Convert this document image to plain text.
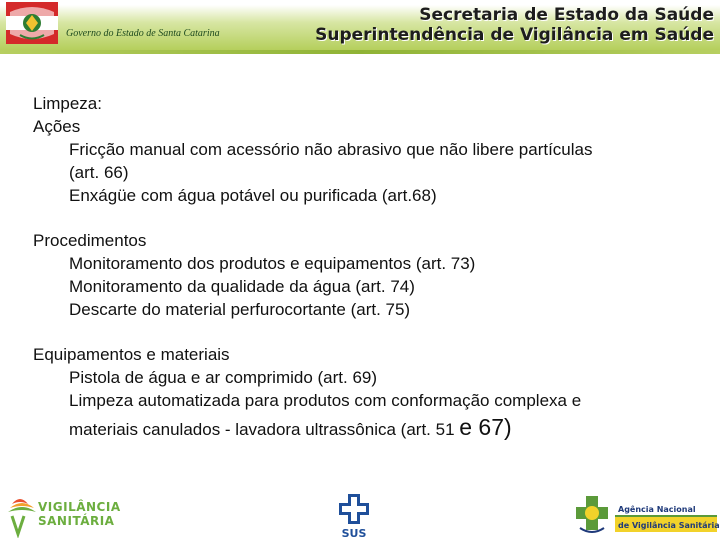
Governo do Estado de Santa Catarina
Secretaria de Estado da Saúde
Superintendência de Vigilância em Saúde
Limpeza:
Ações
Fricção manual com acessório não abrasivo que não libere partículas
(art. 66)
Enxágüe com água potável ou purificada (art.68)
Procedimentos
Monitoramento dos produtos e equipamentos (art. 73)
Monitoramento da qualidade da água (art. 74)
Descarte do material perfurocortante (art. 75)
Equipamentos e materiais
Pistola de água e ar comprimido (art. 69)
Limpeza automatizada para produtos com conformação complexa e
materiais canulados - lavadora ultrassônica (art. 51 e 67)
VIGILÂNCIA
SANITÁRIA
SUS
Agência Nacional
de Vigilância Sanitária
